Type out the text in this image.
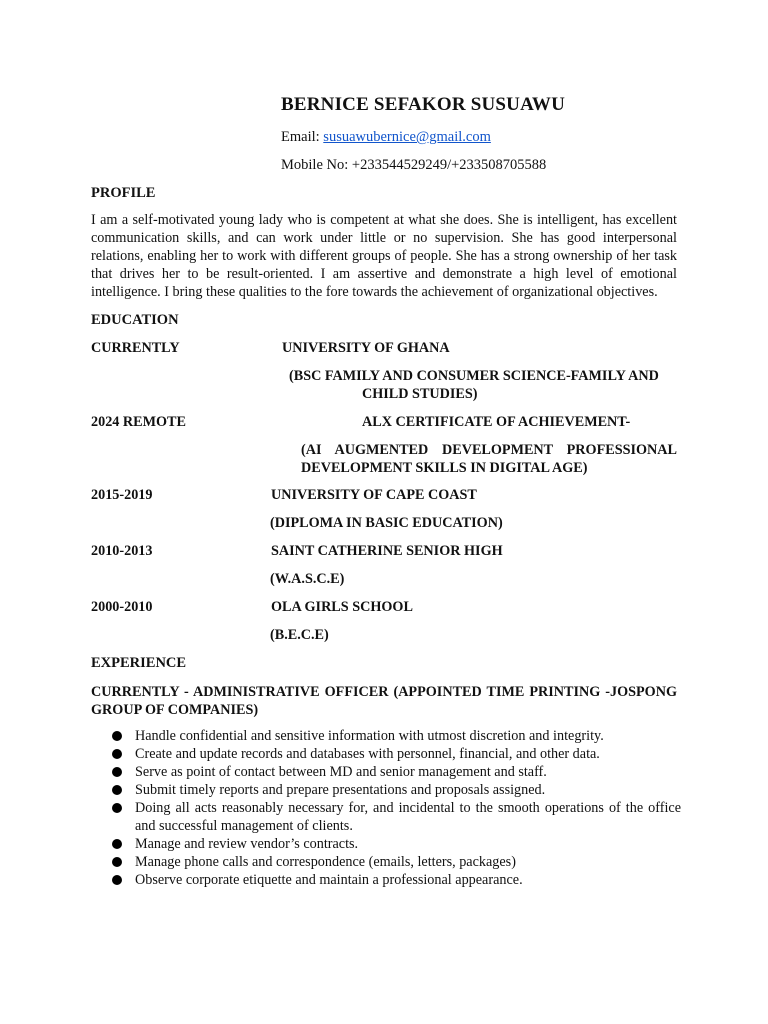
BERNICE SEFAKOR SUSUAWU
Email: susuawubernice@gmail.com
Mobile No: +233544529249/+233508705588
PROFILE

I am a self-motivated young lady who is competent at what she does. She is intelligent, has excellent communication skills, and can work under little or no supervision. She has good interpersonal relations, enabling her to work with different groups of people. She has a strong ownership of her task that drives her to be result-oriented. I am assertive and demonstrate a high level of emotional intelligence. I bring these qualities to the fore towards the achievement of organizational objectives.

EDUCATION
CURRENTLY	UNIVERSITY OF GHANA
(BSC FAMILY AND CONSUMER SCIENCE-FAMILY AND
CHILD STUDIES)
2024 REMOTE	ALX CERTIFICATE OF ACHIEVEMENT-
(AI AUGMENTED DEVELOPMENT PROFESSIONAL
DEVELOPMENT SKILLS IN DIGITAL AGE)
2015-2019	UNIVERSITY OF CAPE COAST
(DIPLOMA IN BASIC EDUCATION)
2010-2013	SAINT CATHERINE SENIOR HIGH
(W.A.S.C.E)
2000-2010	OLA GIRLS SCHOOL
(B.E.C.E)
EXPERIENCE
CURRENTLY - ADMINISTRATIVE OFFICER (APPOINTED TIME PRINTING -JOSPONG
GROUP OF COMPANIES)
Handle confidential and sensitive information with utmost discretion and integrity.
Create and update records and databases with personnel, financial, and other data.
Serve as point of contact between MD and senior management and staff.
Submit timely reports and prepare presentations and proposals assigned.
Doing all acts reasonably necessary for, and incidental to the smooth operations of the office and successful management of clients.
Manage and review vendor’s contracts.
Manage phone calls and correspondence (emails, letters, packages)
Observe corporate etiquette and maintain a professional appearance.
